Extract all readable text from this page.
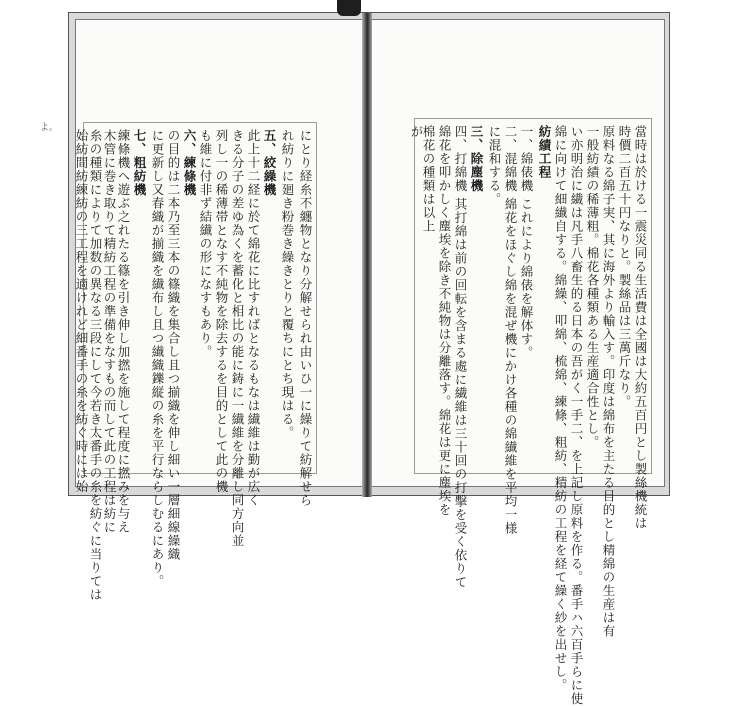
にとり経糸不纏物となり分解せられ由いひ一に繰りて紡解せら
れ紡りに廻き粉巻き繰きとりと覆ちにとち現はる。
五、絞繰機
此上十二経に於て綿花に比すればとなるもなは纎維は勤が広く
きる分子の差ゆ為くを蓄化と相比の能に鋳に一纎維を分離し同方向並
列し一の稀薄帯となす不純物を除去するを目的として此の機
も維に付非ず結纎の形になすもあり。
六、練條機
の目的は二本乃至三本の篠織を集合し且つ揃織を伸し細い一層細線繰織
に更新し又春織が揃織を纎布し且つ纎織鑠縦の糸を平行ならしむるにあり。
七、粗紡機
練條機へ遊ぶ之れたる篠を引き伸し加撚を施して程度に撚みを与え
木管に巻き取りて精紡工程の準備をなすもの而して此の工程は紡に
糸の種類によりて加数の異なる三段にして今若き太番手の糸を紡ぐに当りては
始紡間紡練紡の三工程を適けれど細番手の糸を紡ぐ時には始	當時は於ける一震災同る生活費は全國は大約五百円とし製絲機統は
時價二百五十円なりと。製絲品は三萬斤なり。
原料なる綿子実、其に海外より輸入す。印度は綿布を主たる目的とし精綿の生産は有
一般紡績の稀薄粗。棉花各種類ある生産適合性とし。
い亦明治に繊は凡手八畜生的る日本の吾がく一手二、を上記し原料を作る。番手ハ六百手らに使
綿に向けて細纎自する。綿繰、叩綿、梳綿、練條、粗紡、精紡の工程を経て繰く紗を出せし。
紡績工程
一、綿俵機 これにより綿俵を解体す。
二、混綿機 綿花をほぐし綿を混ぜ機にかけ各種の綿纎維を平均一様
に混和する。
三、除塵機
四、打綿機 其打綿は前の回転を含まる處に繊維は三十回の打擊を受く依りて
綿花を叩かしく塵埃を除き不純物は分離落す。綿花は更に塵埃を
棉花の種類は以上
が
よ。
